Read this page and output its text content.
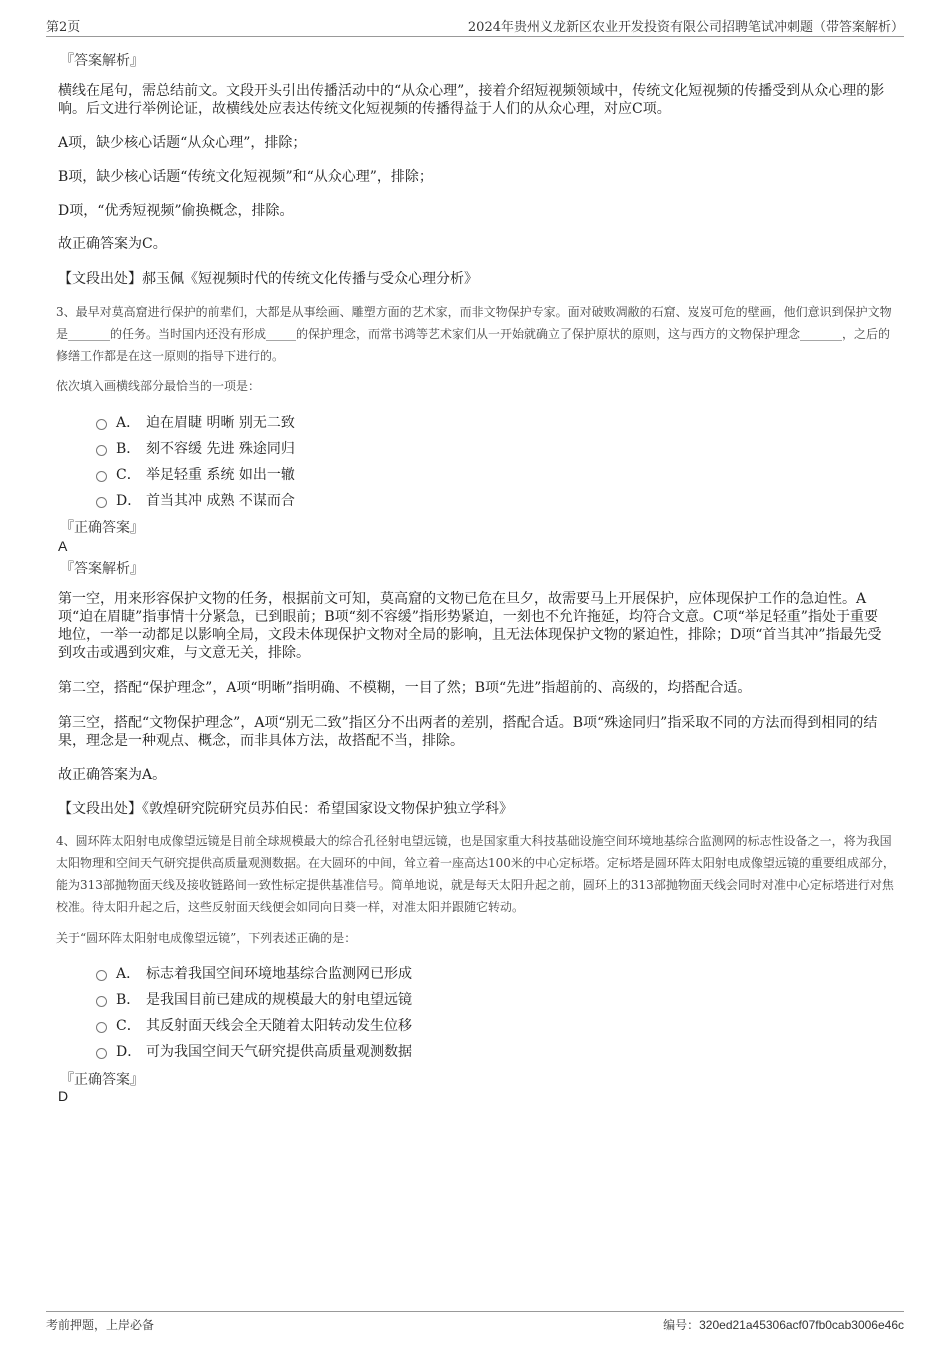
第2页	2024年贵州义龙新区农业开发投资有限公司招聘笔试冲刺题（带答案解析）
『答案解析』

横线在尾句，需总结前文。文段开头引出传播活动中的“从众心理”，接着介绍短视频领域中，传统文化短视频的传播受到从众心理的影响。后文进行举例论证，故横线处应表达传统文化短视频的传播得益于人们的从众心理，对应C项。

A项，缺少核心话题“从众心理”，排除；

B项，缺少核心话题“传统文化短视频”和“从众心理”，排除；

D项，“优秀短视频”偷换概念，排除。

故正确答案为C。

【文段出处】郝玉佩《短视频时代的传统文化传播与受众心理分析》

3、最早对莫高窟进行保护的前辈们，大都是从事绘画、雕塑方面的艺术家，而非文物保护专家。面对破败凋敝的石窟、岌岌可危的壁画，他们意识到保护文物是_______的任务。当时国内还没有形成_____的保护理念，而常书鸿等艺术家们从一开始就确立了保护原状的原则，这与西方的文物保护理念_______，之后的修缮工作都是在这一原则的指导下进行的。

依次填入画横线部分最恰当的一项是：
A． 迫在眉睫 明晰 别无二致
B． 刻不容缓 先进 殊途同归
C． 举足轻重 系统 如出一辙
D． 首当其冲 成熟 不谋而合
『正确答案』
A
『答案解析』

第一空，用来形容保护文物的任务，根据前文可知，莫高窟的文物已危在旦夕，故需要马上开展保护，应体现保护工作的急迫性。A项“迫在眉睫”指事情十分紧急，已到眼前；B项“刻不容缓”指形势紧迫，一刻也不允许拖延，均符合文意。C项“举足轻重”指处于重要地位，一举一动都足以影响全局，文段未体现保护文物对全局的影响，且无法体现保护文物的紧迫性，排除；D项“首当其冲”指最先受到攻击或遇到灾难，与文意无关，排除。

第二空，搭配“保护理念”，A项“明晰”指明确、不模糊，一目了然；B项“先进”指超前的、高级的，均搭配合适。

第三空，搭配“文物保护理念”，A项“别无二致”指区分不出两者的差别，搭配合适。B项“殊途同归”指采取不同的方法而得到相同的结果，理念是一种观点、概念，而非具体方法，故搭配不当，排除。

故正确答案为A。

【文段出处】《敦煌研究院研究员苏伯民：希望国家设文物保护独立学科》

4、圆环阵太阳射电成像望远镜是目前全球规模最大的综合孔径射电望远镜，也是国家重大科技基础设施空间环境地基综合监测网的标志性设备之一，将为我国太阳物理和空间天气研究提供高质量观测数据。在大圆环的中间，耸立着一座高达100米的中心定标塔。定标塔是圆环阵太阳射电成像望远镜的重要组成部分，能为313部抛物面天线及接收链路间一致性标定提供基准信号。简单地说，就是每天太阳升起之前，圆环上的313部抛物面天线会同时对准中心定标塔进行对焦校准。待太阳升起之后，这些反射面天线便会如同向日葵一样，对准太阳并跟随它转动。

关于“圆环阵太阳射电成像望远镜”，下列表述正确的是：
A． 标志着我国空间环境地基综合监测网已形成
B． 是我国目前已建成的规模最大的射电望远镜
C． 其反射面天线会全天随着太阳转动发生位移
D． 可为我国空间天气研究提供高质量观测数据
『正确答案』
D
考前押题，上岸必备	编号：320ed21a45306acf07fb0cab3006e46c
